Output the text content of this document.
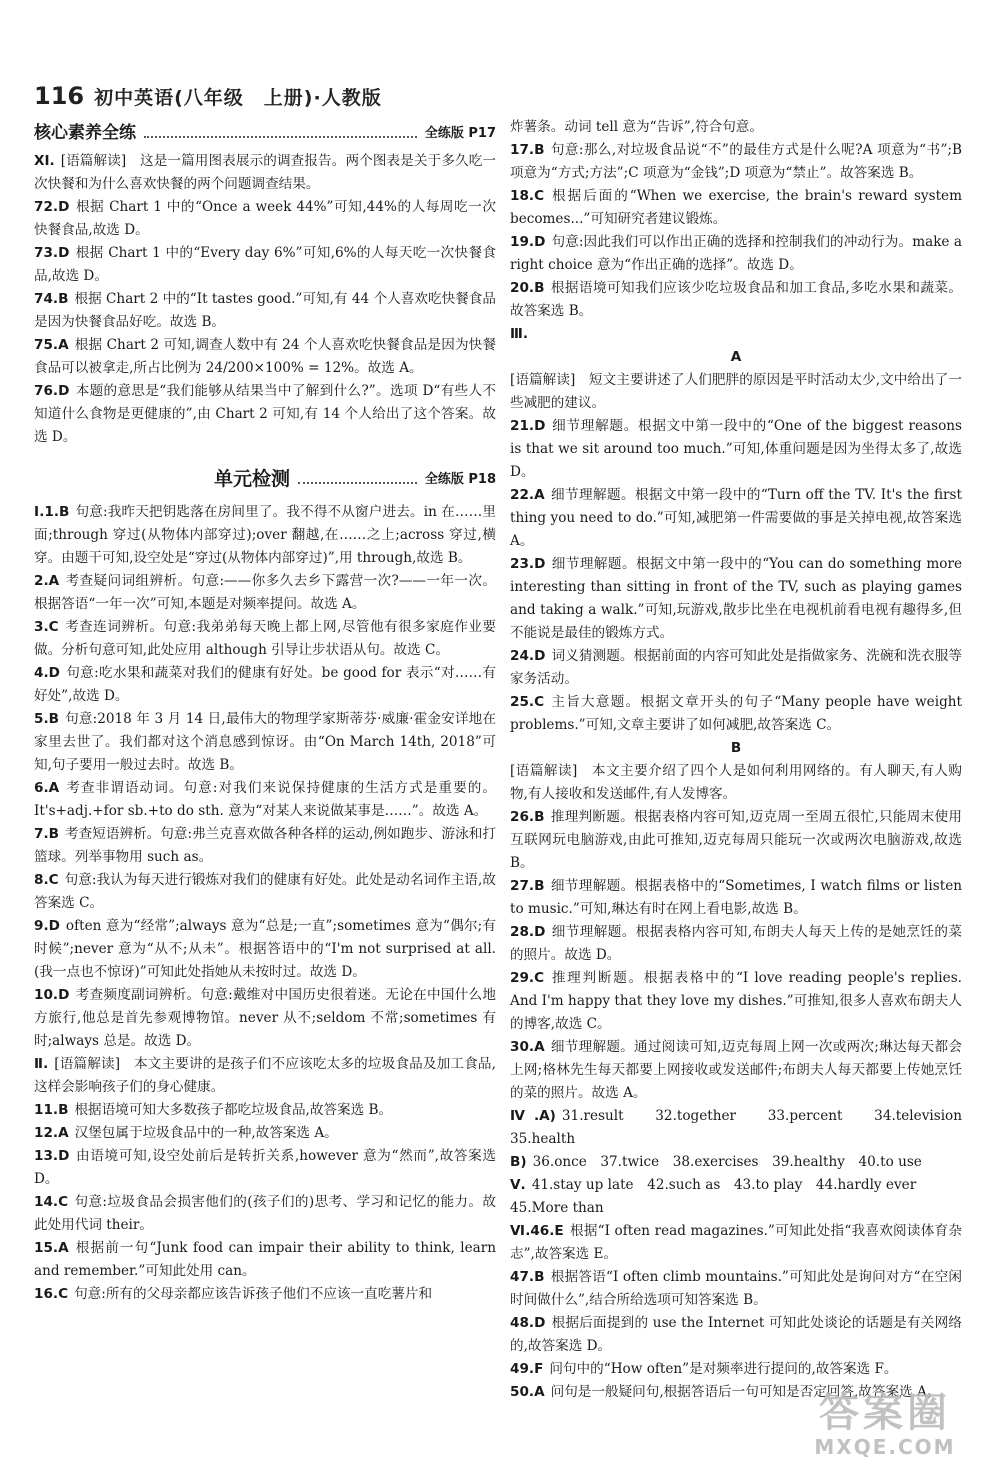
116 初中英语(八年级　上册)·人教版
核心素养全练	全练版 P17

XI. [语篇解读]　这是一篇用图表展示的调查报告。两个图表是关于多久吃一次快餐和为什么喜欢快餐的两个问题调查结果。

72.D 根据 Chart 1 中的“Once a week 44%”可知,44%的人每周吃一次快餐食品,故选 D。

73.D 根据 Chart 1 中的“Every day 6%”可知,6%的人每天吃一次快餐食品,故选 D。

74.B 根据 Chart 2 中的“It tastes good.”可知,有 44 个人喜欢吃快餐食品是因为快餐食品好吃。故选 B。

75.A 根据 Chart 2 可知,调查人数中有 24 个人喜欢吃快餐食品是因为快餐食品可以被拿走,所占比例为 24/200×100% = 12%。故选 A。

76.D 本题的意思是“我们能够从结果当中了解到什么?”。选项 D“有些人不知道什么食物是更健康的”,由 Chart 2 可知,有 14 个人给出了这个答案。故选 D。

单元检测	全练版 P18

Ⅰ.1.B 句意:我昨天把钥匙落在房间里了。我不得不从窗户进去。in 在……里面;through 穿过(从物体内部穿过);over 翻越,在……之上;across 穿过,横穿。由题干可知,设空处是“穿过(从物体内部穿过)”,用 through,故选 B。

2.A 考查疑问词组辨析。句意:——你多久去乡下露营一次?——一年一次。根据答语“一年一次”可知,本题是对频率提问。故选 A。

3.C 考查连词辨析。句意:我弟弟每天晚上都上网,尽管他有很多家庭作业要做。分析句意可知,此处应用 although 引导让步状语从句。故选 C。

4.D 句意:吃水果和蔬菜对我们的健康有好处。be good for 表示“对……有好处”,故选 D。

5.B 句意:2018 年 3 月 14 日,最伟大的物理学家斯蒂芬·威廉·霍金安详地在家里去世了。我们都对这个消息感到惊讶。由“On March 14th, 2018”可知,句子要用一般过去时。故选 B。

6.A 考查非谓语动词。句意:对我们来说保持健康的生活方式是重要的。It's+adj.+for sb.+to do sth. 意为“对某人来说做某事是……”。故选 A。

7.B 考查短语辨析。句意:弗兰克喜欢做各种各样的运动,例如跑步、游泳和打篮球。列举事物用 such as。

8.C 句意:我认为每天进行锻炼对我们的健康有好处。此处是动名词作主语,故答案选 C。

9.D often 意为“经常”;always 意为“总是;一直”;sometimes 意为“偶尔;有时候”;never 意为“从不;从未”。根据答语中的“I'm not surprised at all.(我一点也不惊讶)”可知此处指她从未按时过。故选 D。

10.D 考查频度副词辨析。句意:戴维对中国历史很着迷。无论在中国什么地方旅行,他总是首先参观博物馆。never 从不;seldom 不常;sometimes 有时;always 总是。故选 D。

Ⅱ. [语篇解读]　本文主要讲的是孩子们不应该吃太多的垃圾食品及加工食品,这样会影响孩子们的身心健康。

11.B 根据语境可知大多数孩子都吃垃圾食品,故答案选 B。

12.A 汉堡包属于垃圾食品中的一种,故答案选 A。

13.D 由语境可知,设空处前后是转折关系,however 意为“然而”,故答案选 D。

14.C 句意:垃圾食品会损害他们的(孩子们的)思考、学习和记忆的能力。故此处用代词 their。

15.A 根据前一句“Junk food can impair their ability to think, learn and remember.”可知此处用 can。

16.C 句意:所有的父母亲都应该告诉孩子他们不应该一直吃薯片和

炸薯条。动词 tell 意为“告诉”,符合句意。

17.B 句意:那么,对垃圾食品说“不”的最佳方式是什么呢?A 项意为“书”;B 项意为“方式;方法”;C 项意为“金钱”;D 项意为“禁止”。故答案选 B。

18.C 根据后面的“When we exercise, the brain's reward system becomes...”可知研究者建议锻炼。

19.D 句意:因此我们可以作出正确的选择和控制我们的冲动行为。make a right choice 意为“作出正确的选择”。故选 D。

20.B 根据语境可知我们应该少吃垃圾食品和加工食品,多吃水果和蔬菜。故答案选 B。

Ⅲ.

A

[语篇解读]　短文主要讲述了人们肥胖的原因是平时活动太少,文中给出了一些减肥的建议。

21.D 细节理解题。根据文中第一段中的“One of the biggest reasons is that we sit around too much.”可知,体重问题是因为坐得太多了,故选 D。

22.A 细节理解题。根据文中第一段中的“Turn off the TV. It's the first thing you need to do.”可知,减肥第一件需要做的事是关掉电视,故答案选 A。

23.D 细节理解题。根据文中第一段中的“You can do something more interesting than sitting in front of the TV, such as playing games and taking a walk.”可知,玩游戏,散步比坐在电视机前看电视有趣得多,但不能说是最佳的锻炼方式。

24.D 词义猜测题。根据前面的内容可知此处是指做家务、洗碗和洗衣服等家务活动。

25.C 主旨大意题。根据文章开头的句子“Many people have weight problems.”可知,文章主要讲了如何减肥,故答案选 C。

B

[语篇解读]　本文主要介绍了四个人是如何利用网络的。有人聊天,有人购物,有人接收和发送邮件,有人发博客。

26.B 推理判断题。根据表格内容可知,迈克周一至周五很忙,只能周末使用互联网玩电脑游戏,由此可推知,迈克每周只能玩一次或两次电脑游戏,故选 B。

27.B 细节理解题。根据表格中的“Sometimes, I watch films or listen to music.”可知,琳达有时在网上看电影,故选 B。

28.D 细节理解题。根据表格内容可知,布朗夫人每天上传的是她烹饪的菜的照片。故选 D。

29.C 推理判断题。根据表格中的“I love reading people's replies. And I'm happy that they love my dishes.”可推知,很多人喜欢布朗夫人的博客,故选 C。

30.A 细节理解题。通过阅读可知,迈克每周上网一次或两次;琳达每天都会上网;格林先生每天都要上网接收或发送邮件;布朗夫人每天都要上传她烹饪的菜的照片。故选 A。

Ⅳ.A) 31.result　32.together　33.percent　34.television　35.health

B) 36.once　37.twice　38.exercises　39.healthy　40.to use

Ⅴ. 41.stay up late　42.such as　43.to play　44.hardly ever

45.More than

Ⅵ.46.E 根据“I often read magazines.”可知此处指“我喜欢阅读体育杂志”,故答案选 E。

47.B 根据答语“I often climb mountains.”可知此处是询问对方“在空闲时间做什么”,结合所给选项可知答案选 B。

48.D 根据后面提到的 use the Internet 可知此处谈论的话题是有关网络的,故答案选 D。

49.F 问句中的“How often”是对频率进行提问的,故答案选 F。

50.A 问句是一般疑问句,根据答语后一句可知是否定回答,故答案选 A。

答案圈
MXQE.COM
